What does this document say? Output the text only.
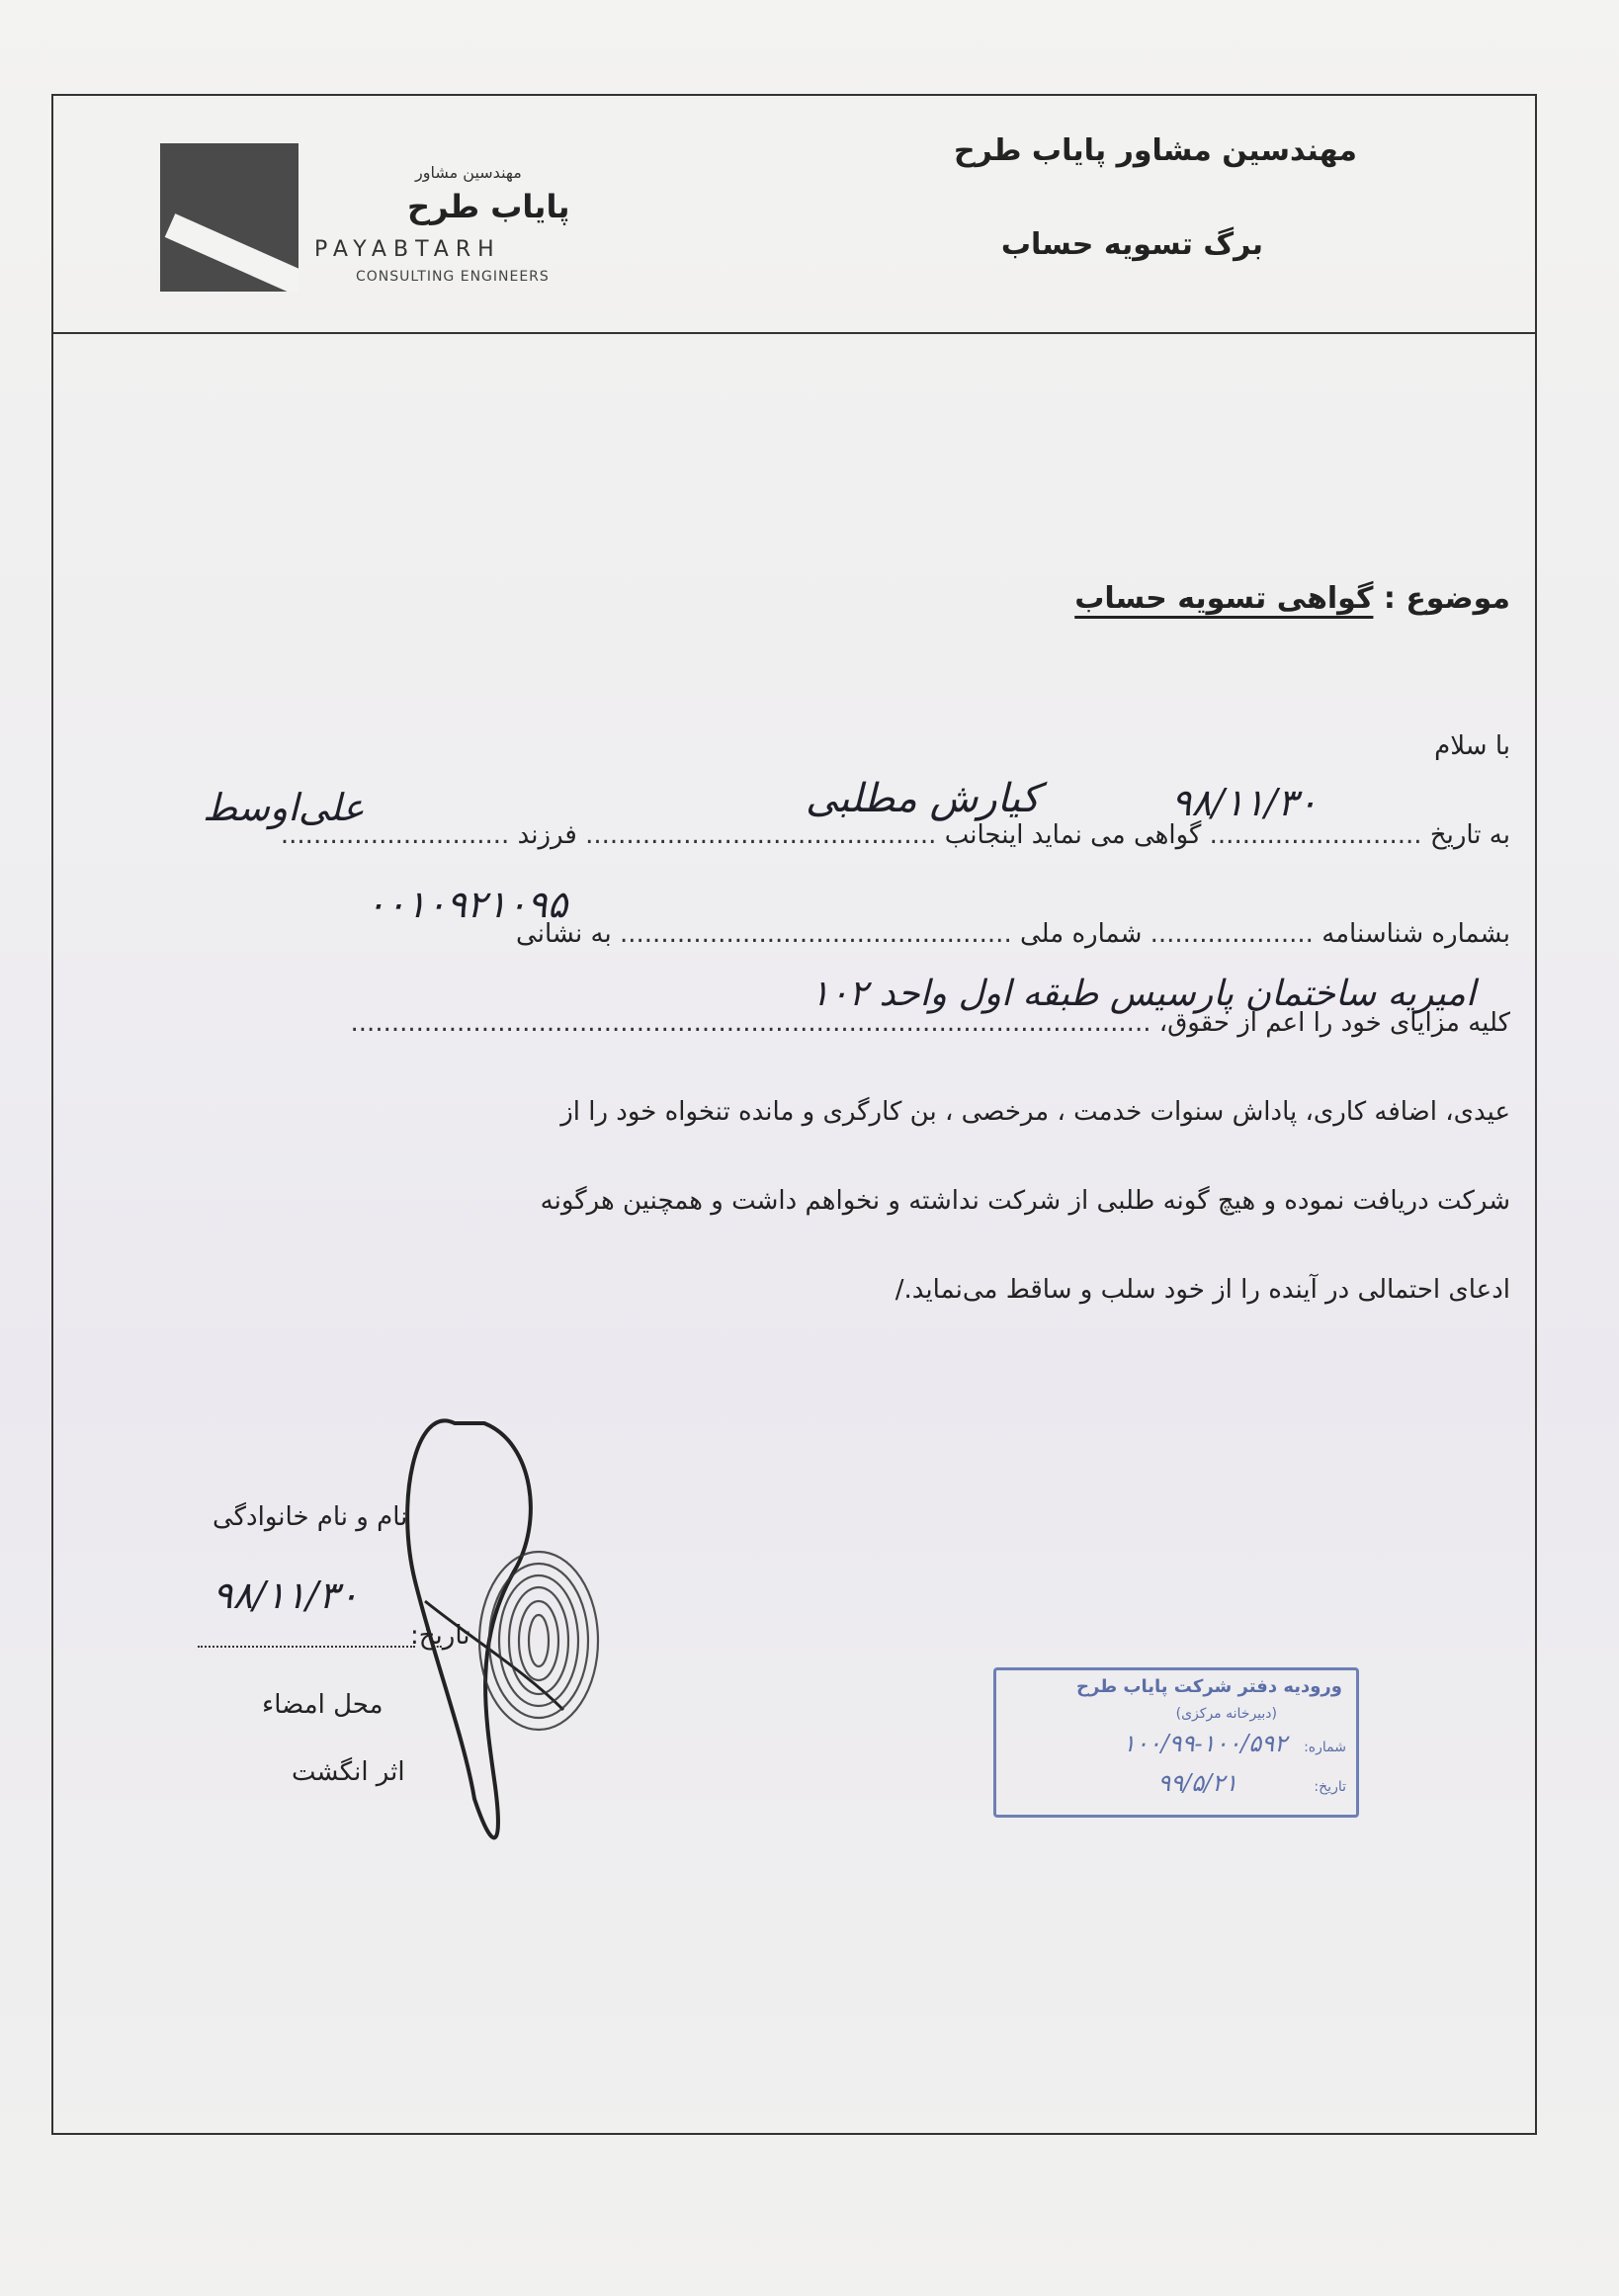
مهندسین مشاور
پایاب طرح
PAYABTARH
CONSULTING ENGINEERS
مهندسین مشاور پایاب طرح
برگ تسویه حساب
موضوع : گواهی تسویه حساب
با سلام
به تاریخ .......................... گواهی می نماید اینجانب ........................................... فرزند ............................
بشماره شناسنامه .................... شماره ملی ................................................ به نشانی
کلیه مزایای خود را اعم از حقوق، ..................................................................................................
عیدی، اضافه کاری، پاداش سنوات خدمت ، مرخصی ، بن کارگری و مانده تنخواه خود را از
شرکت دریافت نموده و هیچ گونه طلبی از شرکت نداشته و نخواهم داشت و همچنین هرگونه
ادعای احتمالی در آینده را از خود سلب و ساقط می‌نماید./
۹۸/۱۱/۳۰
کیارش مطلبی
علی‌اوسط
۰۰۱۰۹۲۱۰۹۵
امیریه ساختمان پارسیس طبقه اول واحد ۱۰۲
نام و نام خانوادگی
۹۸/۱۱/۳۰
تاریخ:
محل امضاء
اثر انگشت
ورودیه دفتر شرکت پایاب طرح
(دبیرخانه مرکزی)
شماره:
۱۰۰/۹۹-۱۰۰/۵۹۲
تاریخ:
۹۹/۵/۲۱
